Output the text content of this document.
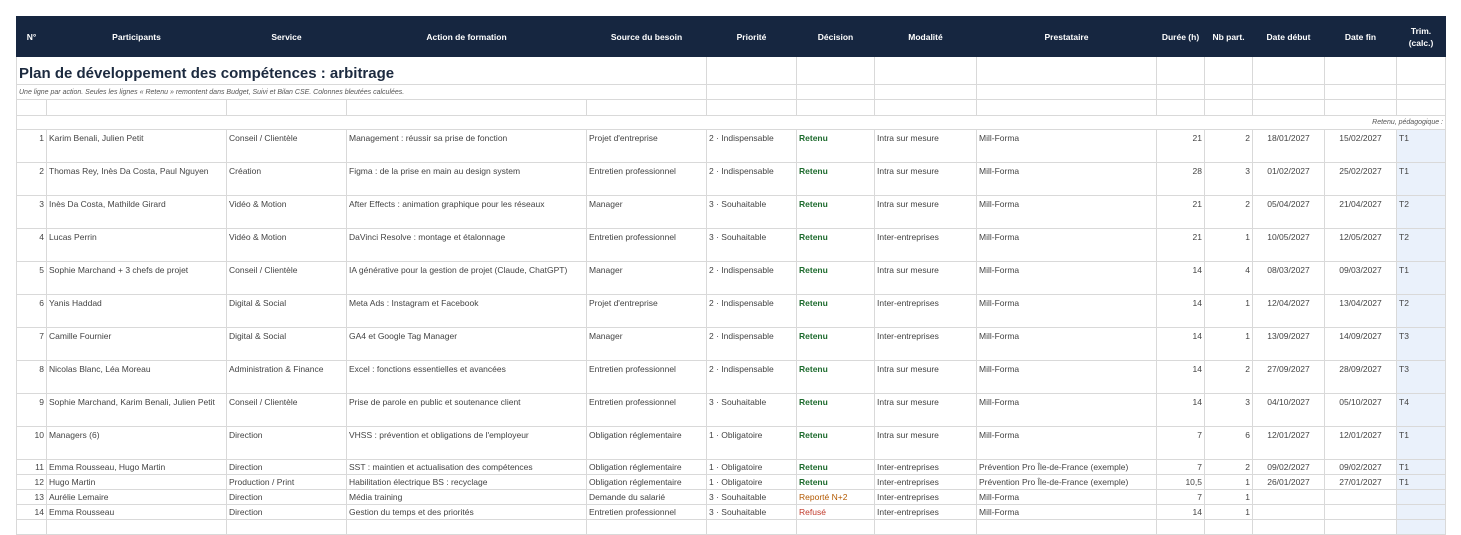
Plan de développement des compétences : arbitrage													
Une ligne par action. Seules les lignes « Retenu » remontent dans Budget, Suivi et Bilan CSE. Colonnes bleutées calculées.													

Retenu, pédagogique :													
N°	Participants	Service	Action de formation	Source du besoin	Priorité	Décision	Modalité	Prestataire	Durée (h)	Nb part.	Date début	Date fin	Trim. (calc.)
1	Karim Benali, Julien Petit	Conseil / Clientèle	Management : réussir sa prise de fonction	Projet d'entreprise	2 · Indispensable	Retenu	Intra sur mesure	Mill-Forma	21	2	18/01/2027	15/02/2027	T1
2	Thomas Rey, Inès Da Costa, Paul Nguyen	Création	Figma : de la prise en main au design system	Entretien professionnel	2 · Indispensable	Retenu	Intra sur mesure	Mill-Forma	28	3	01/02/2027	25/02/2027	T1
3	Inès Da Costa, Mathilde Girard	Vidéo & Motion	After Effects : animation graphique pour les réseaux	Manager	3 · Souhaitable	Retenu	Intra sur mesure	Mill-Forma	21	2	05/04/2027	21/04/2027	T2
4	Lucas Perrin	Vidéo & Motion	DaVinci Resolve : montage et étalonnage	Entretien professionnel	3 · Souhaitable	Retenu	Inter-entreprises	Mill-Forma	21	1	10/05/2027	12/05/2027	T2
5	Sophie Marchand + 3 chefs de projet	Conseil / Clientèle	IA générative pour la gestion de projet (Claude, ChatGPT)	Manager	2 · Indispensable	Retenu	Intra sur mesure	Mill-Forma	14	4	08/03/2027	09/03/2027	T1
6	Yanis Haddad	Digital & Social	Meta Ads : Instagram et Facebook	Projet d'entreprise	2 · Indispensable	Retenu	Inter-entreprises	Mill-Forma	14	1	12/04/2027	13/04/2027	T2
7	Camille Fournier	Digital & Social	GA4 et Google Tag Manager	Manager	2 · Indispensable	Retenu	Inter-entreprises	Mill-Forma	14	1	13/09/2027	14/09/2027	T3
8	Nicolas Blanc, Léa Moreau	Administration & Finance	Excel : fonctions essentielles et avancées	Entretien professionnel	2 · Indispensable	Retenu	Intra sur mesure	Mill-Forma	14	2	27/09/2027	28/09/2027	T3
9	Sophie Marchand, Karim Benali, Julien Petit	Conseil / Clientèle	Prise de parole en public et soutenance client	Entretien professionnel	3 · Souhaitable	Retenu	Intra sur mesure	Mill-Forma	14	3	04/10/2027	05/10/2027	T4
10	Managers (6)	Direction	VHSS : prévention et obligations de l'employeur	Obligation réglementaire	1 · Obligatoire	Retenu	Intra sur mesure	Mill-Forma	7	6	12/01/2027	12/01/2027	T1
11	Emma Rousseau, Hugo Martin	Direction	SST : maintien et actualisation des compétences	Obligation réglementaire	1 · Obligatoire	Retenu	Inter-entreprises	Prévention Pro Île-de-France (exemple)	7	2	09/02/2027	09/02/2027	T1
12	Hugo Martin	Production / Print	Habilitation électrique BS : recyclage	Obligation réglementaire	1 · Obligatoire	Retenu	Inter-entreprises	Prévention Pro Île-de-France (exemple)	10,5	1	26/01/2027	27/01/2027	T1
13	Aurélie Lemaire	Direction	Média training	Demande du salarié	3 · Souhaitable	Reporté N+2	Inter-entreprises	Mill-Forma	7	1			
14	Emma Rousseau	Direction	Gestion du temps et des priorités	Entretien professionnel	3 · Souhaitable	Refusé	Inter-entreprises	Mill-Forma	14	1			
